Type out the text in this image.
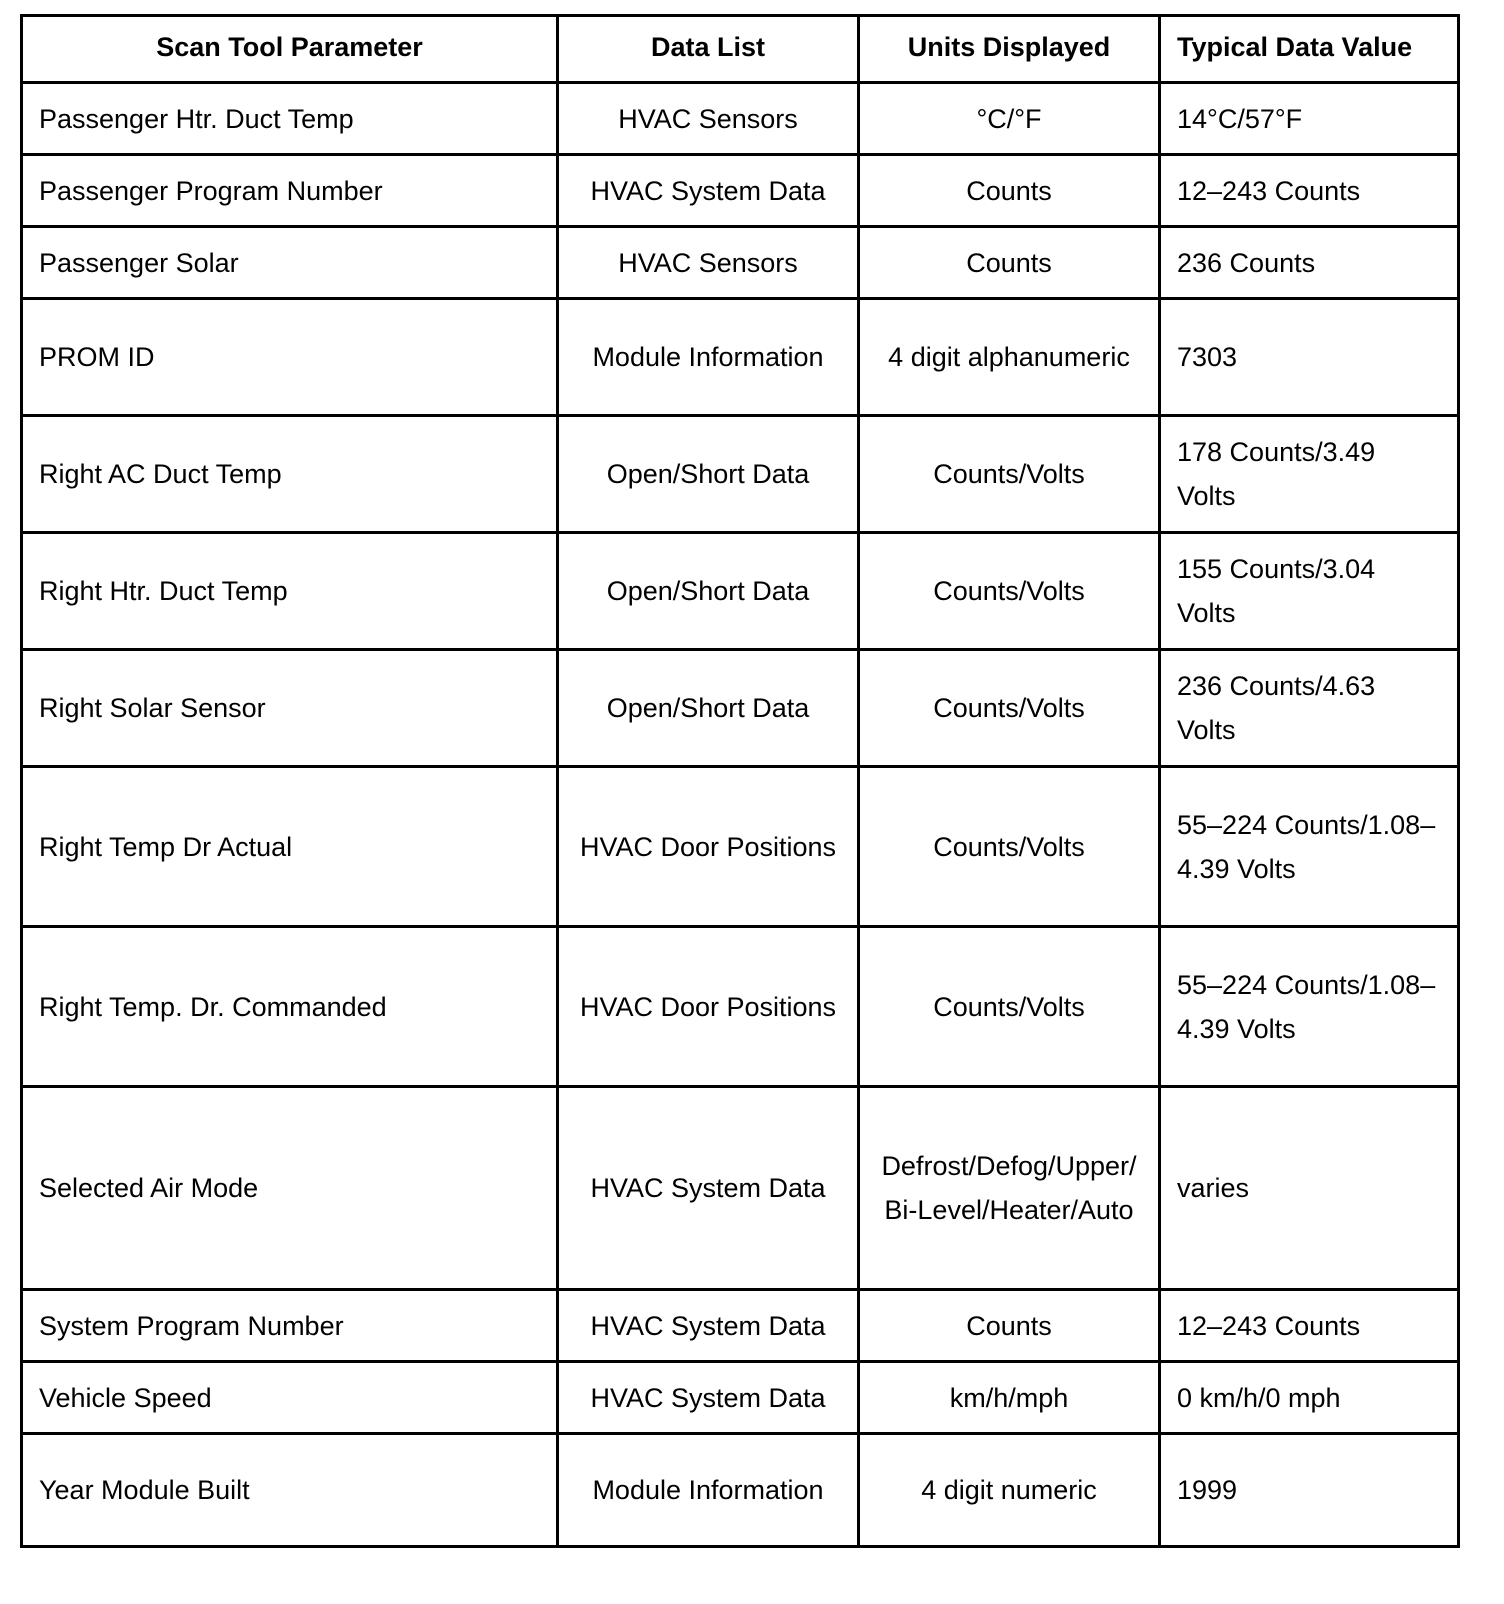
Scan Tool Parameter	Data List	Units Displayed	Typical Data Value
Passenger Htr. Duct Temp	HVAC Sensors	°C/°F	14°C/57°F
Passenger Program Number	HVAC System Data	Counts	12–243 Counts
Passenger Solar	HVAC Sensors	Counts	236 Counts
PROM ID	Module Information	4 digit alphanumeric	7303
Right AC Duct Temp	Open/Short Data	Counts/Volts	178 Counts/3.49 Volts
Right Htr. Duct Temp	Open/Short Data	Counts/Volts	155 Counts/3.04 Volts
Right Solar Sensor	Open/Short Data	Counts/Volts	236 Counts/4.63 Volts
Right Temp Dr Actual	HVAC Door Positions	Counts/Volts	55–224 Counts/1.08–4.39 Volts
Right Temp. Dr. Commanded	HVAC Door Positions	Counts/Volts	55–224 Counts/1.08–4.39 Volts
Selected Air Mode	HVAC System Data	Defrost/Defog/Upper/Bi-Level/Heater/Auto	varies
System Program Number	HVAC System Data	Counts	12–243 Counts
Vehicle Speed	HVAC System Data	km/h/mph	0 km/h/0 mph
Year Module Built	Module Information	4 digit numeric	1999
